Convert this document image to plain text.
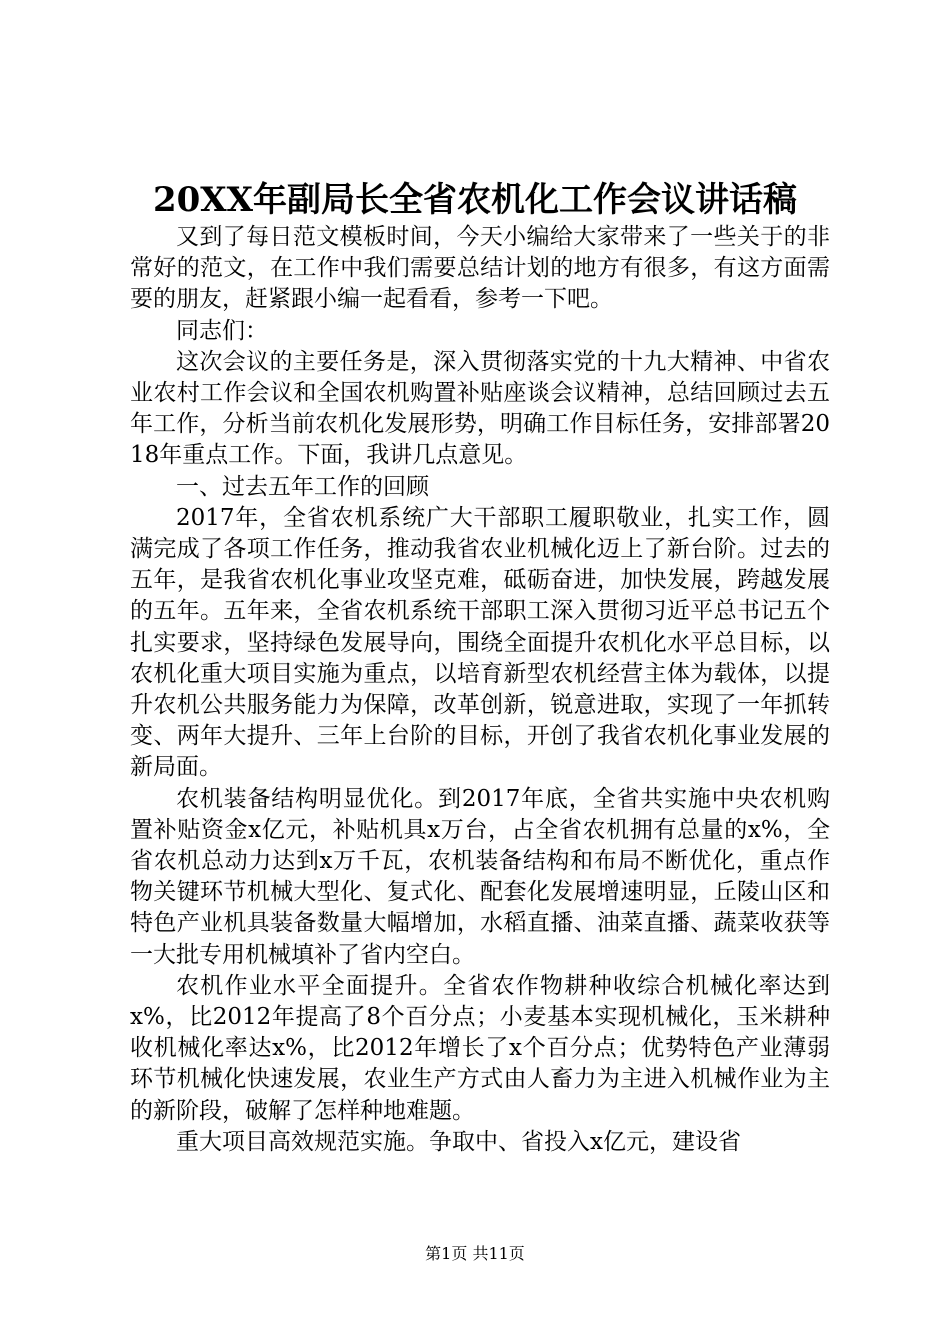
20XX年副局长全省农机化工作会议讲话稿

又到了每日范文模板时间，今天小编给大家带来了一些关于的非常好的范文，在工作中我们需要总结计划的地方有很多，有这方面需要的朋友，赶紧跟小编一起看看，参考一下吧。

同志们：

这次会议的主要任务是，深入贯彻落实党的十九大精神、中省农业农村工作会议和全国农机购置补贴座谈会议精神，总结回顾过去五年工作，分析当前农机化发展形势，明确工作目标任务，安排部署2018年重点工作。下面，我讲几点意见。

一、过去五年工作的回顾

2017年，全省农机系统广大干部职工履职敬业，扎实工作，圆满完成了各项工作任务，推动我省农业机械化迈上了新台阶。过去的五年，是我省农机化事业攻坚克难，砥砺奋进，加快发展，跨越发展的五年。五年来，全省农机系统干部职工深入贯彻习近平总书记五个扎实要求，坚持绿色发展导向，围绕全面提升农机化水平总目标，以农机化重大项目实施为重点，以培育新型农机经营主体为载体，以提升农机公共服务能力为保障，改革创新，锐意进取，实现了一年抓转变、两年大提升、三年上台阶的目标，开创了我省农机化事业发展的新局面。

农机装备结构明显优化。到2017年底，全省共实施中央农机购置补贴资金x亿元，补贴机具x万台，占全省农机拥有总量的x%，全省农机总动力达到x万千瓦，农机装备结构和布局不断优化，重点作物关键环节机械大型化、复式化、配套化发展增速明显，丘陵山区和特色产业机具装备数量大幅增加，水稻直播、油菜直播、蔬菜收获等一大批专用机械填补了省内空白。

农机作业水平全面提升。全省农作物耕种收综合机械化率达到x%，比2012年提高了8个百分点；小麦基本实现机械化，玉米耕种收机械化率达x%，比2012年增长了x个百分点；优势特色产业薄弱环节机械化快速发展，农业生产方式由人畜力为主进入机械作业为主的新阶段，破解了怎样种地难题。

重大项目高效规范实施。争取中、省投入x亿元，建设省

第1页 共11页
